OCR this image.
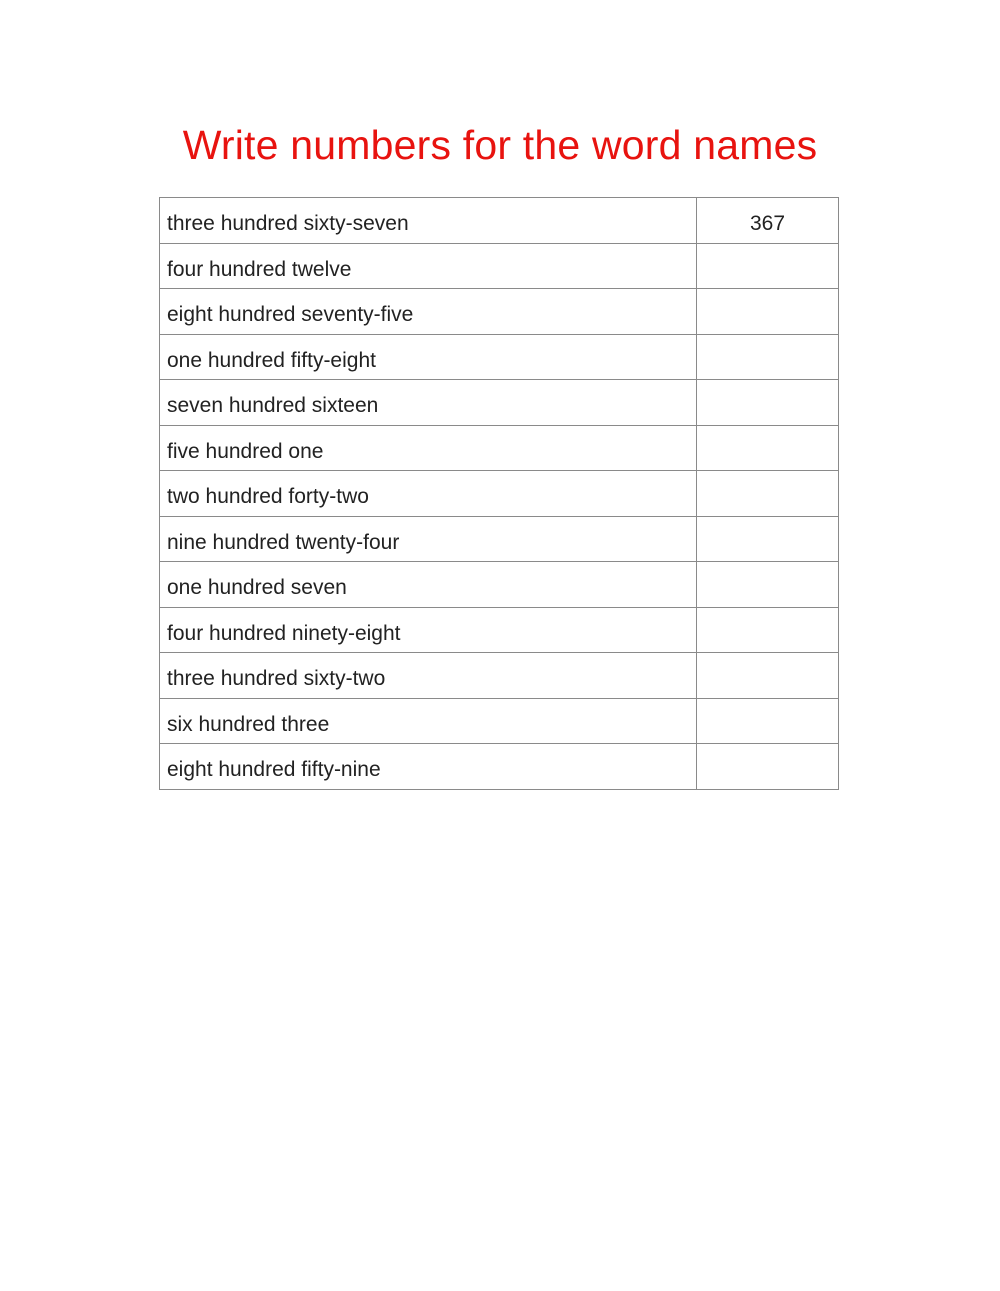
Write numbers for the word names
three hundred sixty-seven	367
four hundred twelve	
eight hundred seventy-five	
one hundred fifty-eight	
seven hundred sixteen	
five hundred one	
two hundred forty-two	
nine hundred twenty-four	
one hundred seven	
four hundred ninety-eight	
three hundred sixty-two	
six hundred three	
eight hundred fifty-nine	
